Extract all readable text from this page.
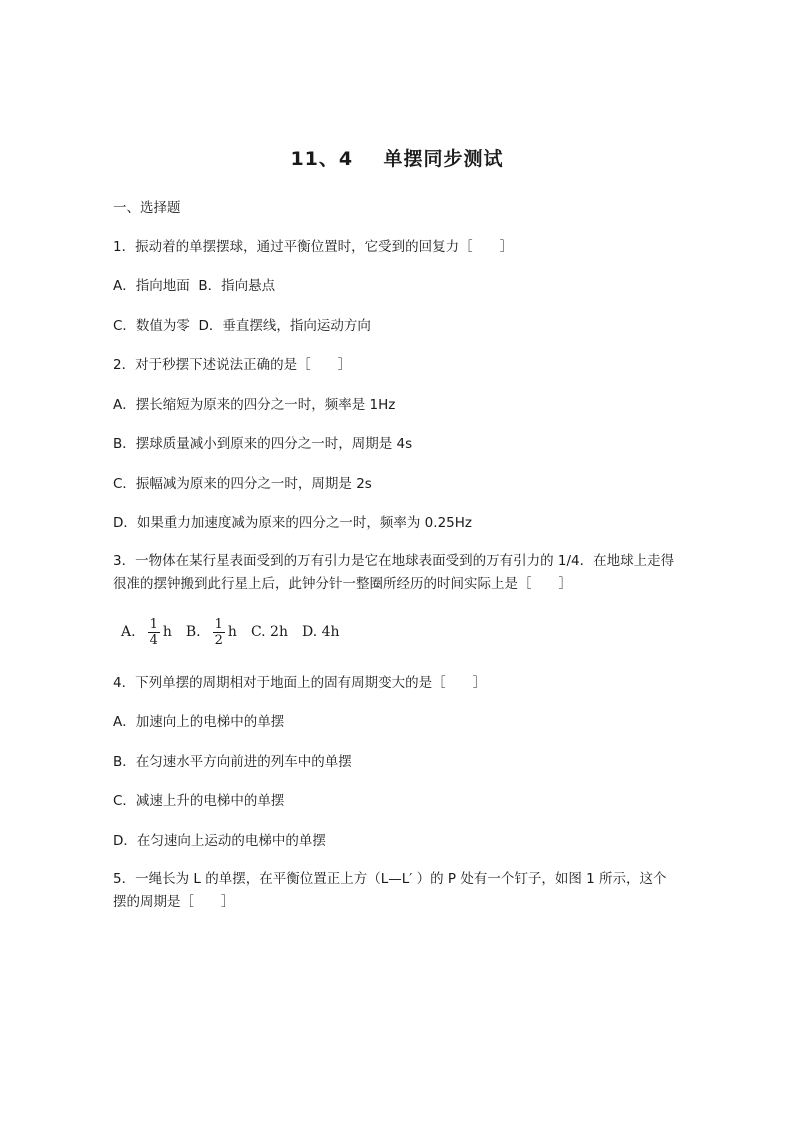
11、4    单摆同步测试
一、选择题
1．振动着的单摆摆球，通过平衡位置时，它受到的回复力［　　］
A．指向地面  B．指向悬点
C．数值为零  D．垂直摆线，指向运动方向
2．对于秒摆下述说法正确的是［　　］
A．摆长缩短为原来的四分之一时，频率是 1Hz
B．摆球质量减小到原来的四分之一时，周期是 4s
C．振幅减为原来的四分之一时，周期是 2s
D．如果重力加速度减为原来的四分之一时，频率为 0.25Hz
3．一物体在某行星表面受到的万有引力是它在地球表面受到的万有引力的 1/4．在地球上走得很准的摆钟搬到此行星上后，此钟分针一整圈所经历的时间实际上是［　　］
A. $\frac{1}{4}$ h B. $\frac{1}{2}$ h C. 2h D. 4h
4．下列单摆的周期相对于地面上的固有周期变大的是［　　］
A．加速向上的电梯中的单摆
B．在匀速水平方向前进的列车中的单摆
C．减速上升的电梯中的单摆
D．在匀速向上运动的电梯中的单摆
5．一绳长为 L 的单摆，在平衡位置正上方（L—L′ ）的 P 处有一个钉子，如图 1 所示，这个摆的周期是［　　］
